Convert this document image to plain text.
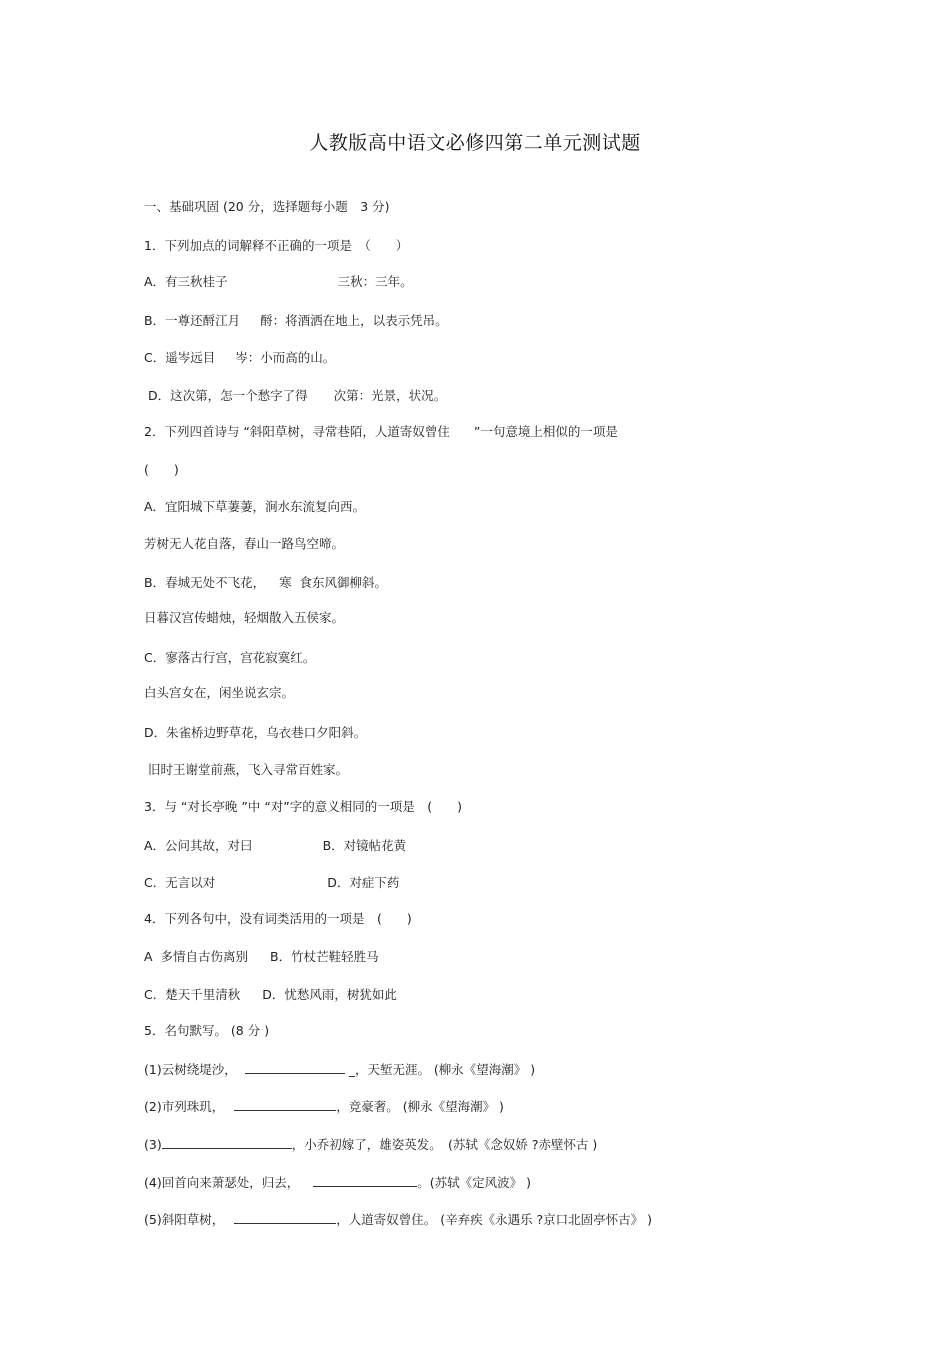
人教版高中语文必修四第二单元测试题
一、基础巩固 (20 分，选择题每小题　3 分)
1．下列加点的词解释不正确的一项是　（　　）
A．有三秋桂子	三秋：三年。
B．一尊还酹江月 酹：将酒洒在地上，以表示凭吊。
C．遥岑远目 岑：小而高的山。
D．这次第，怎一个愁字了得 次第：光景，状况。
2．下列四首诗与 “斜阳草树，寻常巷陌，人道寄奴曾住 ”一句意境上相似的一项是
(　　)
A．宜阳城下草萋萋，涧水东流复向西。
芳树无人花自落，春山一路鸟空啼。
B．春城无处不飞花， 寒  食东风御柳斜。
日暮汉宫传蜡烛，轻烟散入五侯家。
C．寥落古行宫，宫花寂寞红。
白头宫女在，闲坐说玄宗。
D．朱雀桥边野草花，乌衣巷口夕阳斜。
旧时王谢堂前燕，飞入寻常百姓家。
3．与 “对长亭晚 ”中 “对”字的意义相同的一项是　(　　)
A．公问其故，对曰	B．对镜帖花黄
C．无言以对	D．对症下药
4．下列各句中，没有词类活用的一项是　(　　)
A  多情自古伤离别 B．竹杖芒鞋轻胜马
C．楚天千里清秋 D．忧愁风雨，树犹如此
5．名句默写。 (8 分 )
(1)云树绕堤沙，	_，天堑无涯。 (柳永《望海潮》 )
(2)市列珠玑，	，竞豪奢。 (柳永《望海潮》 )
(3)	，小乔初嫁了，雄姿英发。　(苏轼《念奴娇 ?赤壁怀古 )
(4)回首向来萧瑟处，归去，	。(苏轼《定风波》 )
(5)斜阳草树，	，人道寄奴曾住。 (辛弃疾《永遇乐 ?京口北固亭怀古》 )
